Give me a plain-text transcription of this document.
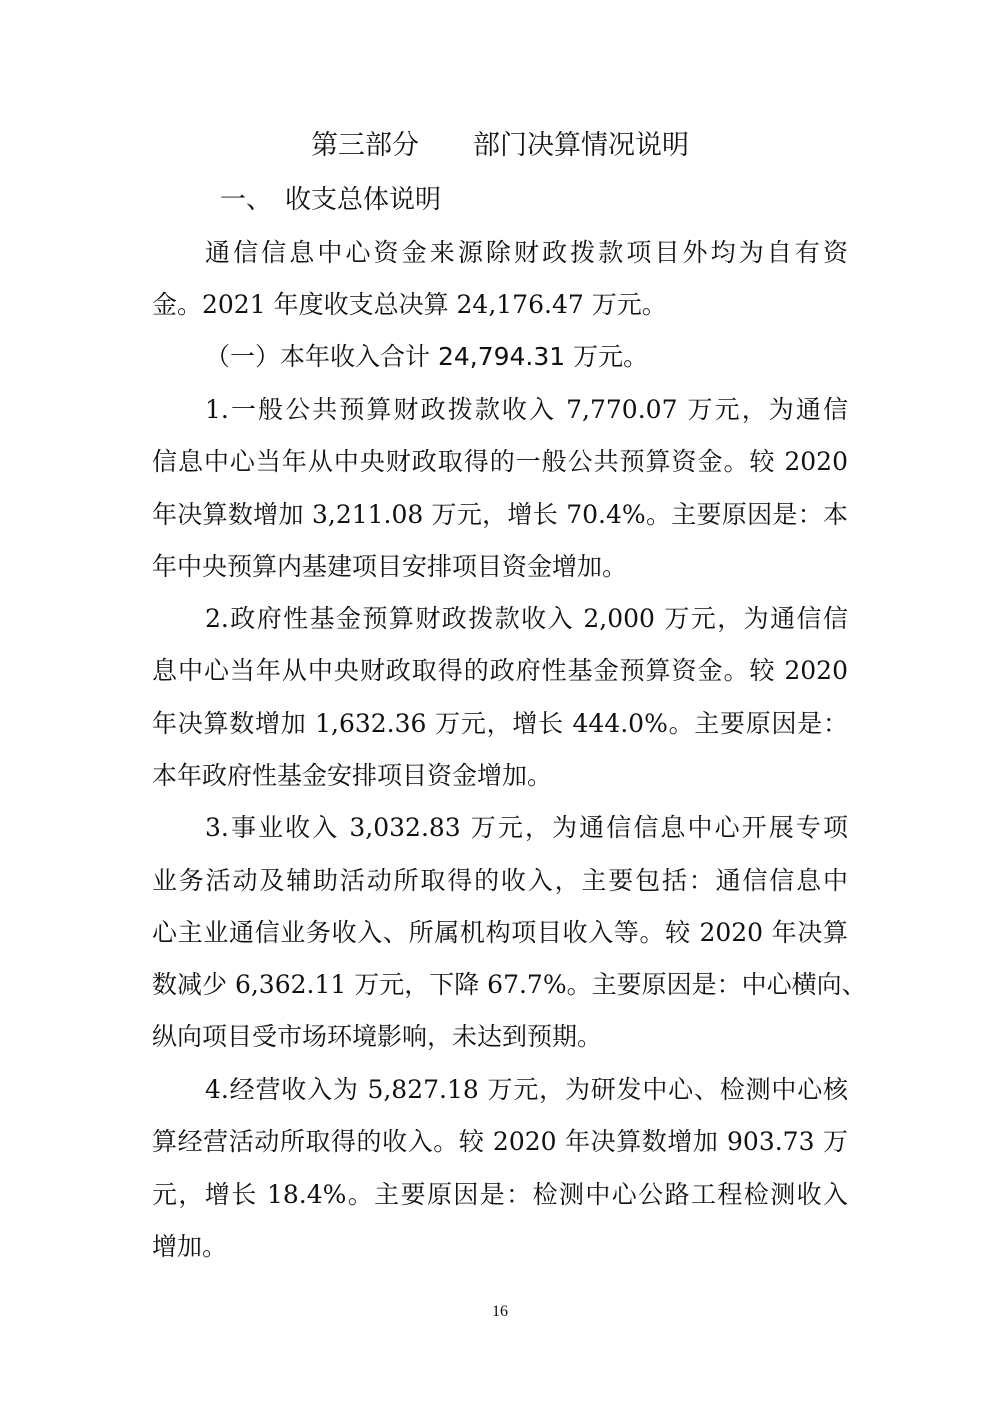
第三部分　　部门决算情况说明
一、　收支总体说明
通信信息中心资金来源除财政拨款项目外均为自有资
金。2021 年度收支总决算 24,176.47 万元。
（一）本年收入合计 24,794.31 万元。
1.一般公共预算财政拨款收入 7,770.07 万元，为通信
信息中心当年从中央财政取得的一般公共预算资金。较 2020
年决算数增加 3,211.08 万元，增长 70.4%。主要原因是：本
年中央预算内基建项目安排项目资金增加。
2.政府性基金预算财政拨款收入 2,000 万元，为通信信
息中心当年从中央财政取得的政府性基金预算资金。较 2020
年决算数增加 1,632.36 万元，增长 444.0%。主要原因是：
本年政府性基金安排项目资金增加。
3.事业收入 3,032.83 万元，为通信信息中心开展专项
业务活动及辅助活动所取得的收入，主要包括：通信信息中
心主业通信业务收入、所属机构项目收入等。较 2020 年决算
数减少 6,362.11 万元，下降 67.7%。主要原因是：中心横向、
纵向项目受市场环境影响，未达到预期。
4.经营收入为 5,827.18 万元，为研发中心、检测中心核
算经营活动所取得的收入。较 2020 年决算数增加 903.73 万
元，增长 18.4%。主要原因是：检测中心公路工程检测收入
增加。
16
